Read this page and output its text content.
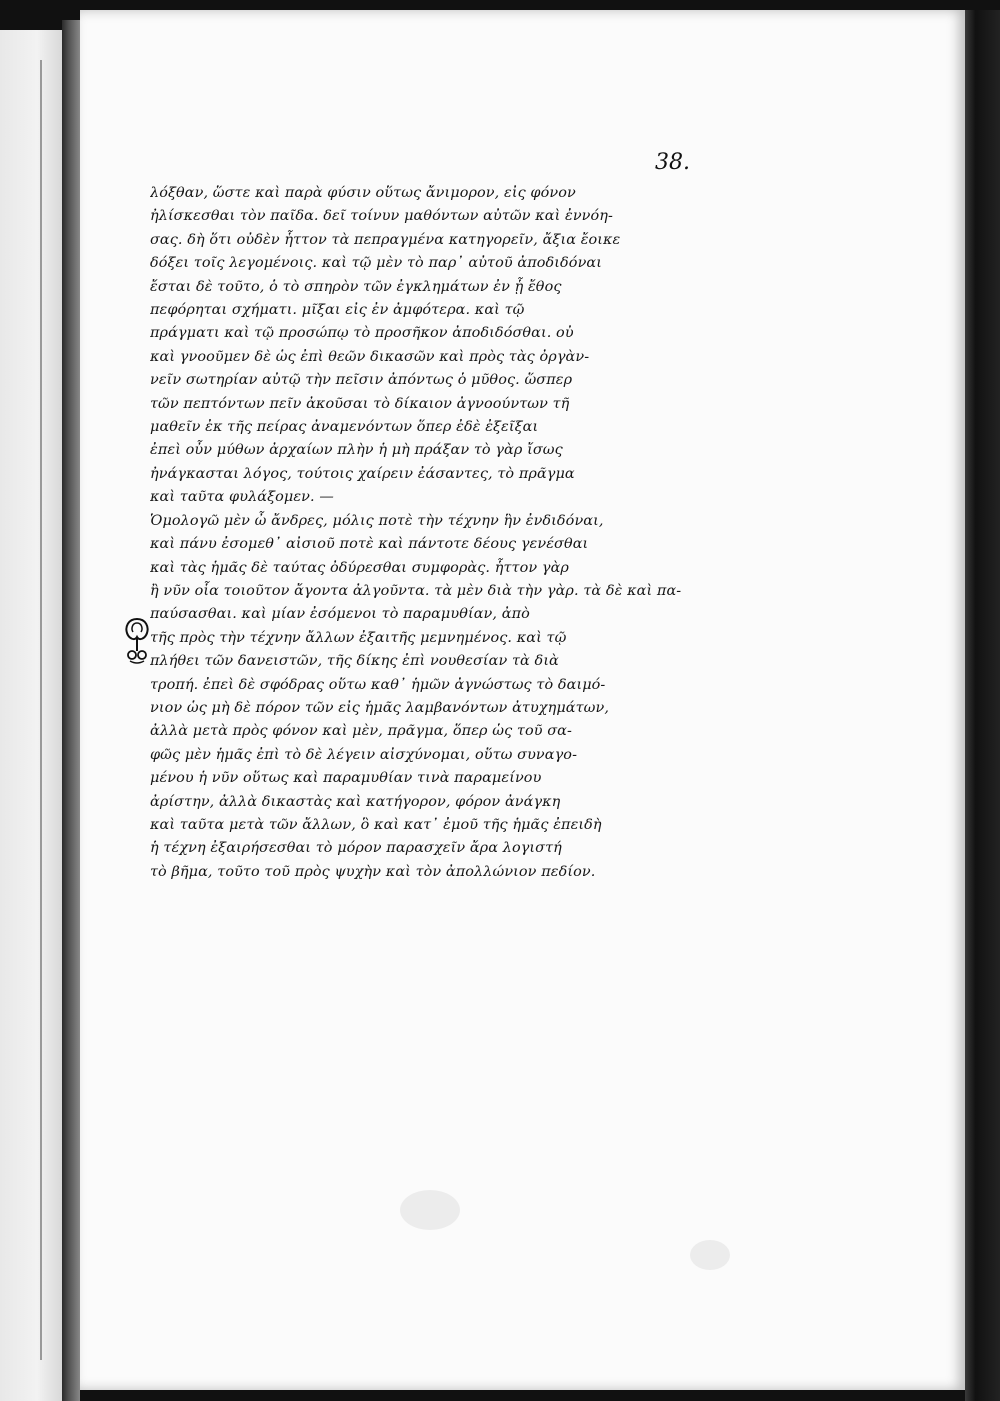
38.
λόξθαν, ὥστε καὶ παρὰ φύσιν οὕτως ἄνιμορον, εἰς φόνον
ἠλίσκεσθαι τὸν παῖδα. δεῖ τοίνυν μαθόντων αὐτῶν καὶ ἐννόη-
σας. δὴ ὅτι οὐδὲν ἧττον τὰ πεπραγμένα κατηγορεῖν, ἄξια ἔοικε
δόξει τοῖς λεγομένοις. καὶ τῷ μὲν τὸ παρ᾽ αὐτοῦ ἀποδιδόναι
ἔσται δὲ τοῦτο, ὁ τὸ σπηρὸν τῶν ἐγκλημάτων ἐν ᾗ ἔθος
πεφόρηται σχήματι. μῖξαι εἰς ἐν ἀμφότερα. καὶ τῷ
πράγματι καὶ τῷ προσώπῳ τὸ προσῆκον ἀποδιδόσθαι. οὐ
καὶ γνοοῦμεν δὲ ὡς ἐπὶ θεῶν δικασῶν καὶ πρὸς τὰς ὀργὰν-
νεῖν σωτηρίαν αὐτῷ τὴν πεῖσιν ἀπόντως ὁ μῦθος. ὥσπερ
τῶν πεπτόντων πεῖν ἀκοῦσαι τὸ δίκαιον ἀγνοούντων τῆ
μαθεῖν ἐκ τῆς πείρας ἀναμενόντων ὅπερ ἐδὲ ἐξεῖξαι
ἐπεὶ οὖν μύθων ἀρχαίων πλὴν ἡ μὴ πράξαν τὸ γὰρ ἴσως
ἠνάγκασται λόγος, τούτοις χαίρειν ἐάσαντες, τὸ πρᾶγμα
καὶ ταῦτα φυλάξομεν. —
Ὁμολογῶ μὲν ὦ ἄνδρες, μόλις ποτὲ τὴν τέχνην ἣν ἐνδιδόναι,
καὶ πάνυ ἐσομεθ᾽ αἰσιοῦ ποτὲ καὶ πάντοτε δέους γενέσθαι
καὶ τὰς ἡμᾶς δὲ ταύτας ὀδύρεσθαι συμφορὰς. ἧττον γὰρ
ἢ νῦν οἷα τοιοῦτον ἄγοντα ἀλγοῦντα. τὰ μὲν διὰ τὴν γὰρ. τὰ δὲ καὶ πα-
παύσασθαι. καὶ μίαν ἐσόμενοι τὸ παραμυθίαν, ἀπὸ
τῆς πρὸς τὴν τέχνην ἄλλων ἐξαιτῆς μεμνημένος. καὶ τῷ
πλήθει τῶν δανειστῶν, τῆς δίκης ἐπὶ νουθεσίαν τὰ διὰ
τροπή. ἐπεὶ δὲ σφόδρας οὕτω καθ᾽ ἡμῶν ἀγνώστως τὸ δαιμό-
νιον ὡς μὴ δὲ πόρον τῶν εἰς ἡμᾶς λαμβανόντων ἀτυχημάτων,
ἀλλὰ μετὰ πρὸς φόνον καὶ μὲν, πρᾶγμα, ὅπερ ὡς τοῦ σα-
φῶς μὲν ἡμᾶς ἐπὶ τὸ δὲ λέγειν αἰσχύνομαι, οὕτω συναγο-
μένου ἡ νῦν οὕτως καὶ παραμυθίαν τινὰ παραμείνου
ἀρίστην, ἀλλὰ δικαστὰς καὶ κατήγορον, φόρον ἀνάγκη
καὶ ταῦτα μετὰ τῶν ἄλλων, ὃ καὶ κατ᾽ ἐμοῦ τῆς ἡμᾶς ἐπειδὴ
ἡ τέχνη ἐξαιρήσεσθαι τὸ μόρον παρασχεῖν ἄρα λογιστή
τὸ βῆμα, τοῦτο τοῦ πρὸς ψυχὴν καὶ τὸν ἀπολλώνιον πεδίον.
